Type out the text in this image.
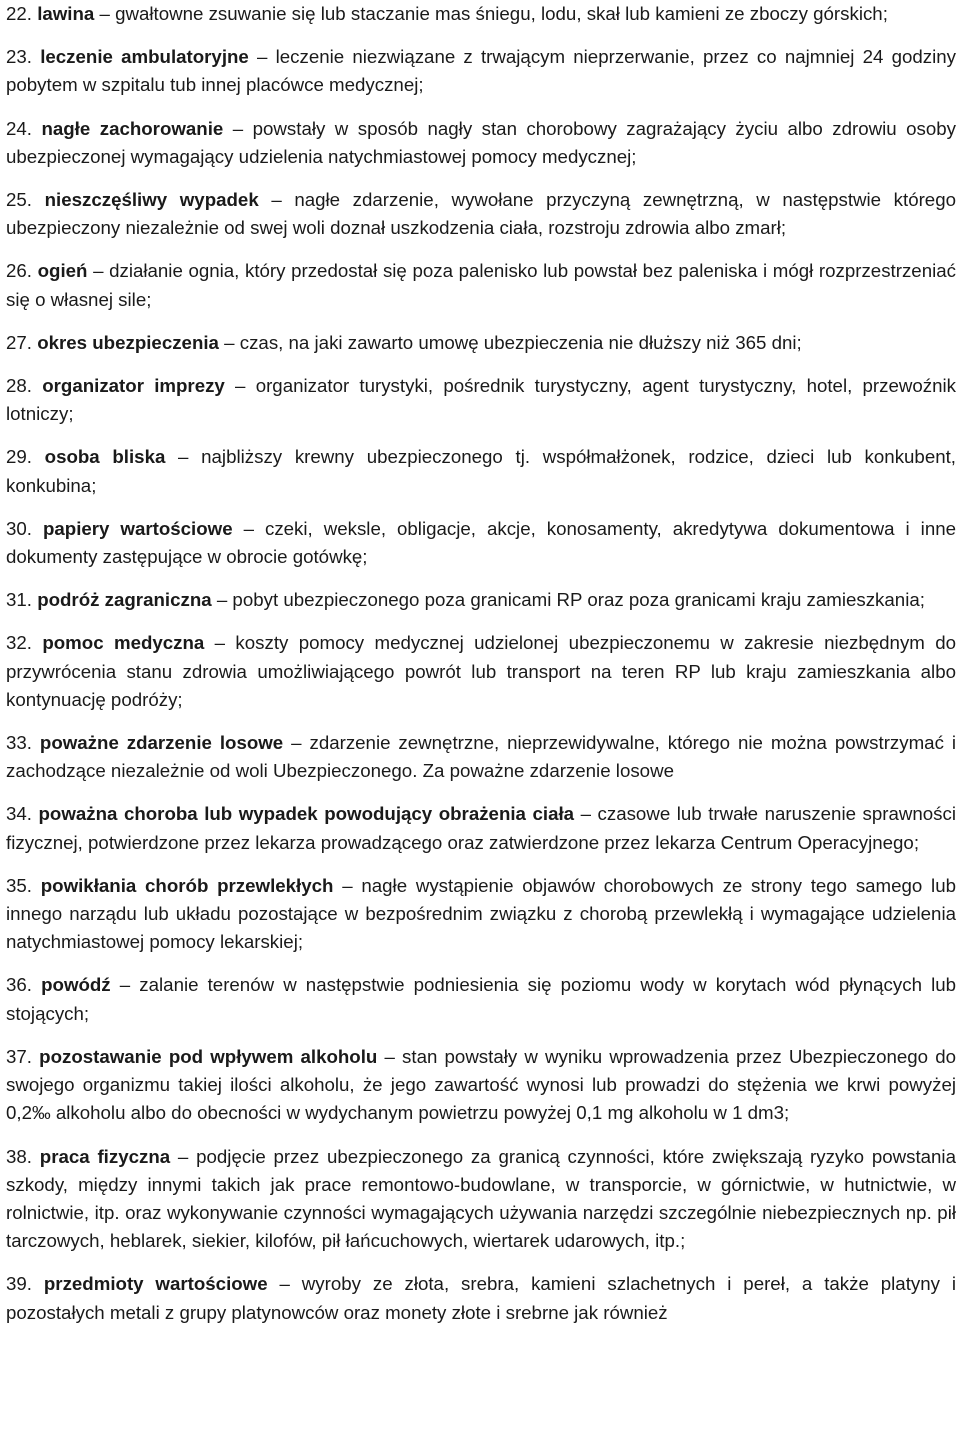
22. lawina – gwałtowne zsuwanie się lub staczanie mas śniegu, lodu, skał lub kamieni ze zboczy górskich;
23. leczenie ambulatoryjne – leczenie niezwiązane z trwającym nieprzerwanie, przez co najmniej 24 godziny pobytem w szpitalu tub innej placówce medycznej;
24. nagłe zachorowanie – powstały w sposób nagły stan chorobowy zagrażający życiu albo zdrowiu osoby ubezpieczonej wymagający udzielenia natychmiastowej pomocy medycznej;
25. nieszczęśliwy wypadek – nagłe zdarzenie, wywołane przyczyną zewnętrzną, w następstwie którego ubezpieczony niezależnie od swej woli doznał uszkodzenia ciała, rozstroju zdrowia albo zmarł;
26. ogień – działanie ognia, który przedostał się poza palenisko lub powstał bez paleniska i mógł rozprzestrzeniać się o własnej sile;
27. okres ubezpieczenia – czas, na jaki zawarto umowę ubezpieczenia nie dłuższy niż 365 dni;
28. organizator imprezy – organizator turystyki, pośrednik turystyczny, agent turystyczny, hotel, przewoźnik lotniczy;
29. osoba bliska – najbliższy krewny ubezpieczonego tj. współmałżonek, rodzice, dzieci lub konkubent, konkubina;
30. papiery wartościowe – czeki, weksle, obligacje, akcje, konosamenty, akredytywa dokumentowa i inne dokumenty zastępujące w obrocie gotówkę;
31. podróż zagraniczna – pobyt ubezpieczonego poza granicami RP oraz poza granicami kraju zamieszkania;
32. pomoc medyczna – koszty pomocy medycznej udzielonej ubezpieczonemu w zakresie niezbędnym do przywrócenia stanu zdrowia umożliwiającego powrót lub transport na teren RP lub kraju zamieszkania albo kontynuację podróży;
33. poważne zdarzenie losowe – zdarzenie zewnętrzne, nieprzewidywalne, którego nie można powstrzymać i zachodzące niezależnie od woli Ubezpieczonego. Za poważne zdarzenie losowe
34. poważna choroba lub wypadek powodujący obrażenia ciała – czasowe lub trwałe naruszenie sprawności fizycznej, potwierdzone przez lekarza prowadzącego oraz zatwierdzone przez lekarza Centrum Operacyjnego;
35. powikłania chorób przewlekłych – nagłe wystąpienie objawów chorobowych ze strony tego samego lub innego narządu lub układu pozostające w bezpośrednim związku z chorobą przewlekłą i wymagające udzielenia natychmiastowej pomocy lekarskiej;
36. powódź – zalanie terenów w następstwie podniesienia się poziomu wody w korytach wód płynących lub stojących;
37. pozostawanie pod wpływem alkoholu – stan powstały w wyniku wprowadzenia przez Ubezpieczonego do swojego organizmu takiej ilości alkoholu, że jego zawartość wynosi lub prowadzi do stężenia we krwi powyżej 0,2‰ alkoholu albo do obecności w wydychanym powietrzu powyżej 0,1 mg alkoholu w 1 dm3;
38. praca fizyczna – podjęcie przez ubezpieczonego za granicą czynności, które zwiększają ryzyko powstania szkody, między innymi takich jak prace remontowo-budowlane, w transporcie, w górnictwie, w hutnictwie, w rolnictwie, itp. oraz wykonywanie czynności wymagających używania narzędzi szczególnie niebezpiecznych np. pił tarczowych, heblarek, siekier, kilofów, pił łańcuchowych, wiertarek udarowych, itp.;
39. przedmioty wartościowe – wyroby ze złota, srebra, kamieni szlachetnych i pereł, a także platyny i pozostałych metali z grupy platynowców oraz monety złote i srebrne jak również
